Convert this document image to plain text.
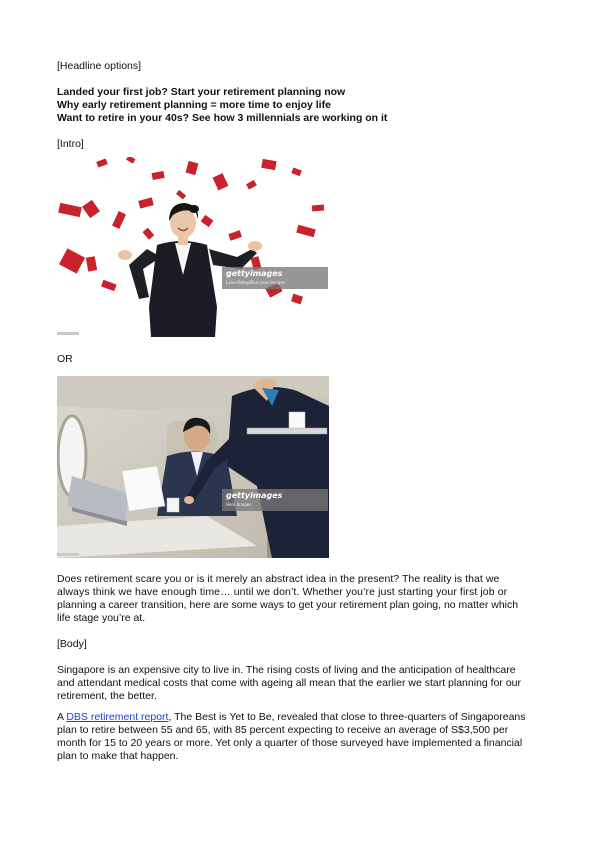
[Headline options]
Landed your first job? Start your retirement planning now
Why early retirement planning = more time to enjoy life
Want to retire in your 40s? See how 3 millennials are working on it
[Intro]
OR
Does retirement scare you or is it merely an abstract idea in the present? The reality is that we
always think we have enough time… until we don’t. Whether you’re just starting your first job or
planning a career transition, here are some ways to get your retirement plan going, no matter which
life stage you’re at.
[Body]
Singapore is an expensive city to live in. The rising costs of living and the anticipation of healthcare
and attendant medical costs that come with ageing all mean that the earlier we start planning for our
retirement, the better.
A DBS retirement report, The Best is Yet to Be, revealed that close to three-quarters of Singaporeans
plan to retire between 55 and 65, with 85 percent expecting to receive an average of S$3,500 per
month for 15 to 20 years or more. Yet only a quarter of those surveyed have implemented a financial
plan to make that happen.
gettyimages
Lane Oatey/Blue Jean Images
gettyimages
Hero Images
